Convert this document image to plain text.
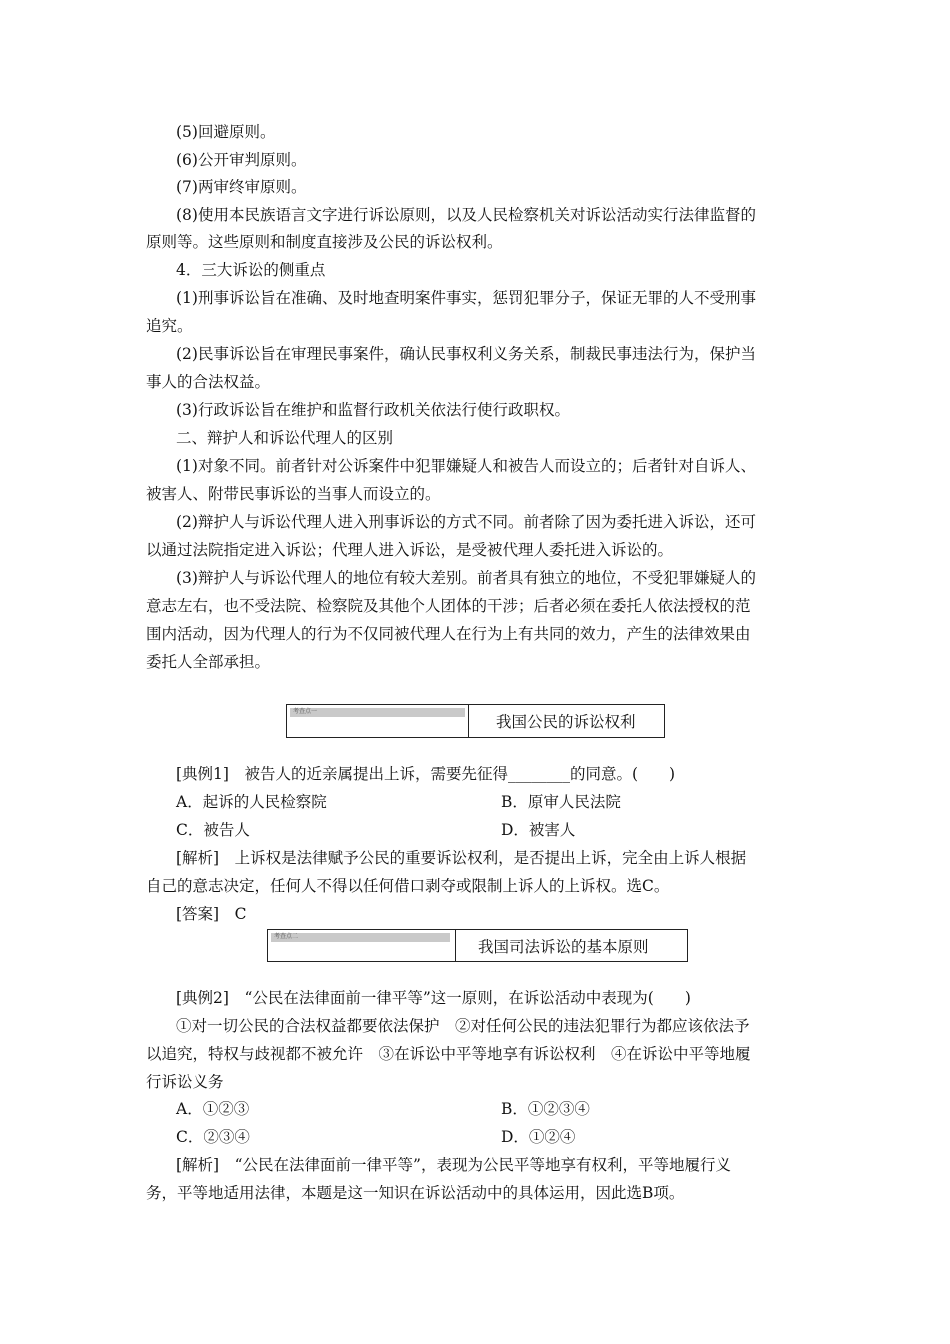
(5)回避原则。
(6)公开审判原则。
(7)两审终审原则。
(8)使用本民族语言文字进行诉讼原则，以及人民检察机关对诉讼活动实行法律监督的
原则等。这些原则和制度直接涉及公民的诉讼权利。
4．三大诉讼的侧重点
(1)刑事诉讼旨在准确、及时地查明案件事实，惩罚犯罪分子，保证无罪的人不受刑事
追究。
(2)民事诉讼旨在审理民事案件，确认民事权利义务关系，制裁民事违法行为，保护当
事人的合法权益。
(3)行政诉讼旨在维护和监督行政机关依法行使行政职权。
二、辩护人和诉讼代理人的区别
(1)对象不同。前者针对公诉案件中犯罪嫌疑人和被告人而设立的；后者针对自诉人、
被害人、附带民事诉讼的当事人而设立的。
(2)辩护人与诉讼代理人进入刑事诉讼的方式不同。前者除了因为委托进入诉讼，还可
以通过法院指定进入诉讼；代理人进入诉讼，是受被代理人委托进入诉讼的。
(3)辩护人与诉讼代理人的地位有较大差别。前者具有独立的地位，不受犯罪嫌疑人的
意志左右，也不受法院、检察院及其他个人团体的干涉；后者必须在委托人依法授权的范
围内活动，因为代理人的行为不仅同被代理人在行为上有共同的效力，产生的法律效果由
委托人全部承担。
考查点一
我国公民的诉讼权利
[典例1]　被告人的近亲属提出上诉，需要先征得________的同意。(　　)
A．起诉的人民检察院	B．原审人民法院
C．被告人	D．被害人
[解析]　上诉权是法律赋予公民的重要诉讼权利，是否提出上诉，完全由上诉人根据
自己的意志决定，任何人不得以任何借口剥夺或限制上诉人的上诉权。选C。
[答案]　C
考查点二
我国司法诉讼的基本原则
[典例2]　“公民在法律面前一律平等”这一原则，在诉讼活动中表现为(　　)
①对一切公民的合法权益都要依法保护　②对任何公民的违法犯罪行为都应该依法予
以追究，特权与歧视都不被允许　③在诉讼中平等地享有诉讼权利　④在诉讼中平等地履
行诉讼义务
A．①②③	B．①②③④
C．②③④	D．①②④
[解析]　“公民在法律面前一律平等”，表现为公民平等地享有权利，平等地履行义
务，平等地适用法律，本题是这一知识在诉讼活动中的具体运用，因此选B项。
